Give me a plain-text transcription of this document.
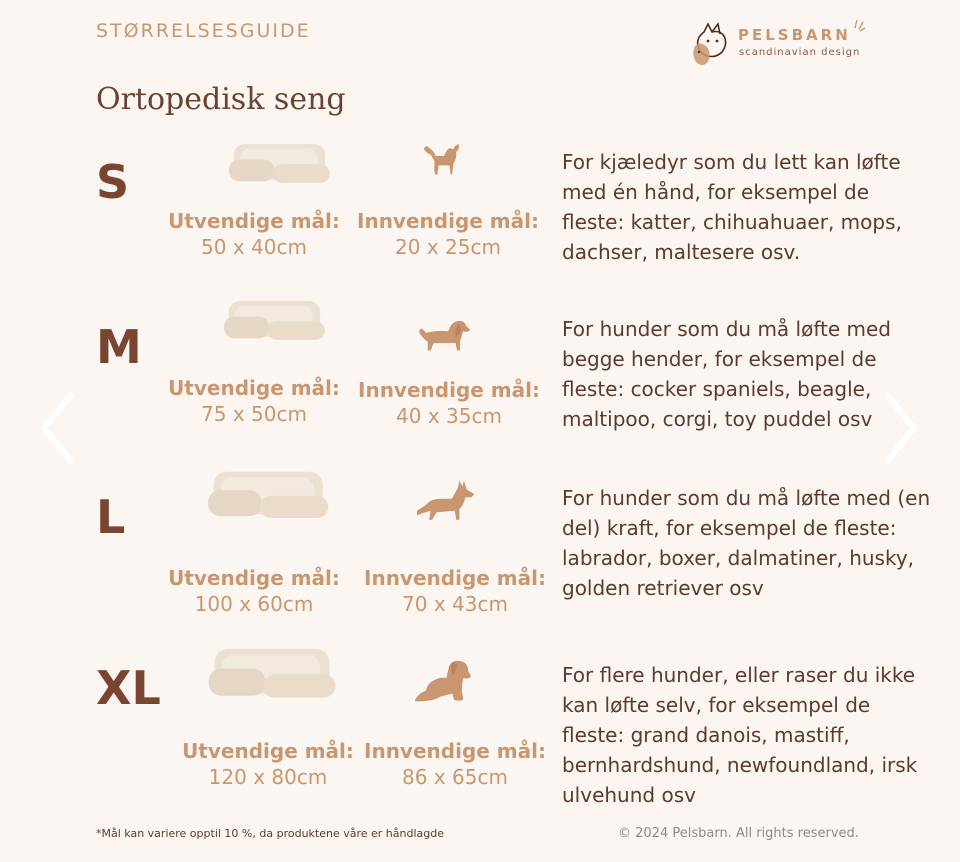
STØRRELSESGUIDE	PELSBARN
scandinavian design
Ortopedisk seng
S
Utvendige mål:
50 x 40cm
Innvendige mål:
20 x 25cm
For kjæledyr som du lett kan løfte med én hånd, for eksempel de fleste: katter, chihuahuaer, mops, dachser, maltesere osv.
M
Utvendige mål:
75 x 50cm
Innvendige mål:
40 x 35cm
For hunder som du må løfte med begge hender, for eksempel de fleste: cocker spaniels, beagle, maltipoo, corgi, toy puddel osv
L
Utvendige mål:
100 x 60cm
Innvendige mål:
70 x 43cm
For hunder som du må løfte med (en del) kraft, for eksempel de fleste: labrador, boxer, dalmatiner, husky, golden retriever osv
XL
Utvendige mål:
120 x 80cm
Innvendige mål:
86 x 65cm
For flere hunder, eller raser du ikke kan løfte selv, for eksempel de fleste: grand danois, mastiff, bernhardshund, newfoundland, irsk ulvehund osv
*Mål kan variere opptil 10 %, da produktene våre er håndlagde	© 2024 Pelsbarn. All rights reserved.
